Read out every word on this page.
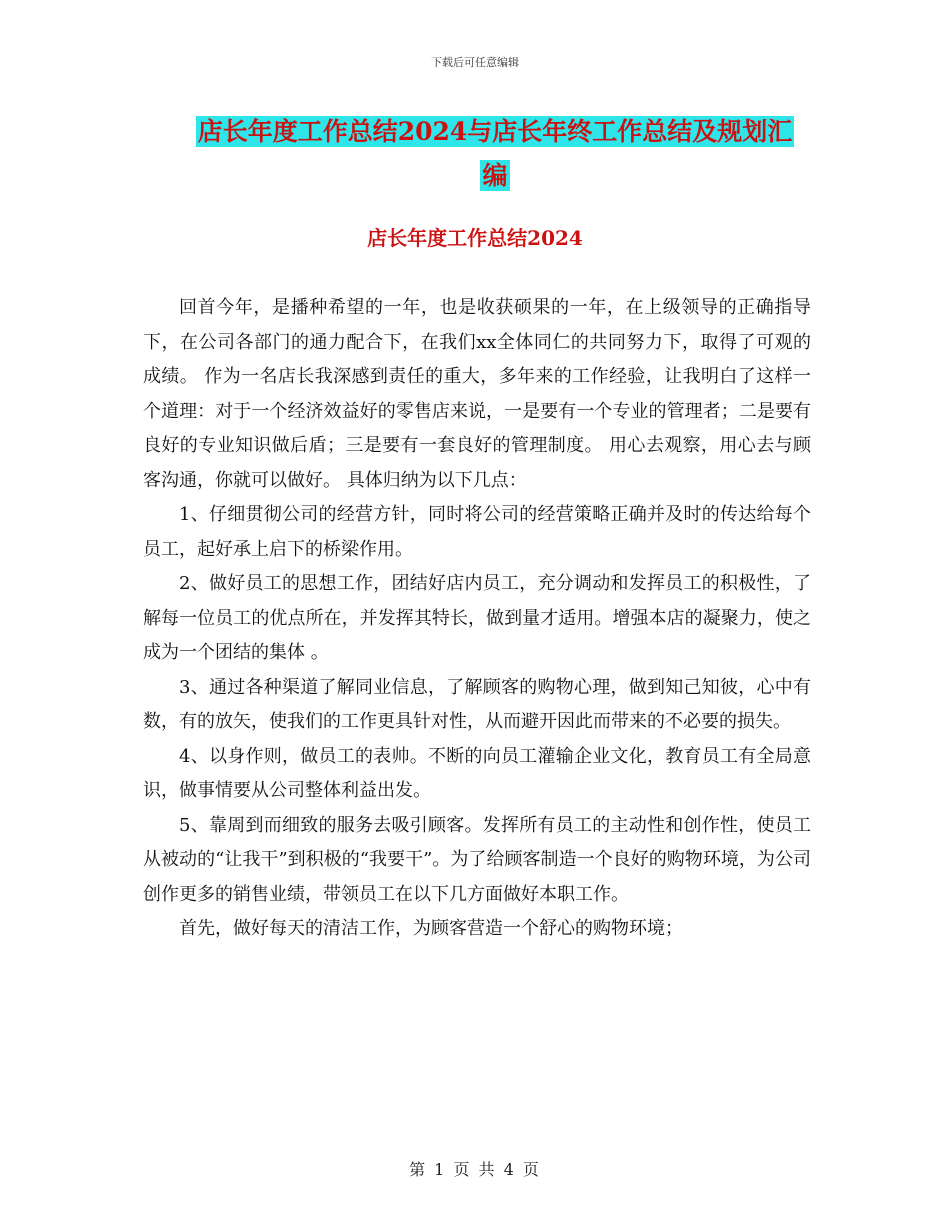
下载后可任意编辑
店长年度工作总结2024与店长年终工作总结及规划汇
编
店长年度工作总结2024

回首今年，是播种希望的一年，也是收获硕果的一年，在上级领导的正确指导下，在公司各部门的通力配合下，在我们xx全体同仁的共同努力下，取得了可观的成绩。 作为一名店长我深感到责任的重大，多年来的工作经验，让我明白了这样一个道理：对于一个经济效益好的零售店来说，一是要有一个专业的管理者；二是要有良好的专业知识做后盾；三是要有一套良好的管理制度。 用心去观察，用心去与顾客沟通，你就可以做好。 具体归纳为以下几点：

1、仔细贯彻公司的经营方针，同时将公司的经营策略正确并及时的传达给每个员工，起好承上启下的桥梁作用。

2、做好员工的思想工作，团结好店内员工，充分调动和发挥员工的积极性，了解每一位员工的优点所在，并发挥其特长，做到量才适用。增强本店的凝聚力，使之成为一个团结的集体 。

3、通过各种渠道了解同业信息，了解顾客的购物心理，做到知己知彼，心中有数，有的放矢，使我们的工作更具针对性，从而避开因此而带来的不必要的损失。

4、以身作则，做员工的表帅。不断的向员工灌输企业文化，教育员工有全局意识，做事情要从公司整体利益出发。

5、靠周到而细致的服务去吸引顾客。发挥所有员工的主动性和创作性，使员工从被动的“让我干”到积极的“我要干”。为了给顾客制造一个良好的购物环境，为公司创作更多的销售业绩，带领员工在以下几方面做好本职工作。

首先，做好每天的清洁工作，为顾客营造一个舒心的购物环境；

第 1 页 共 4 页
